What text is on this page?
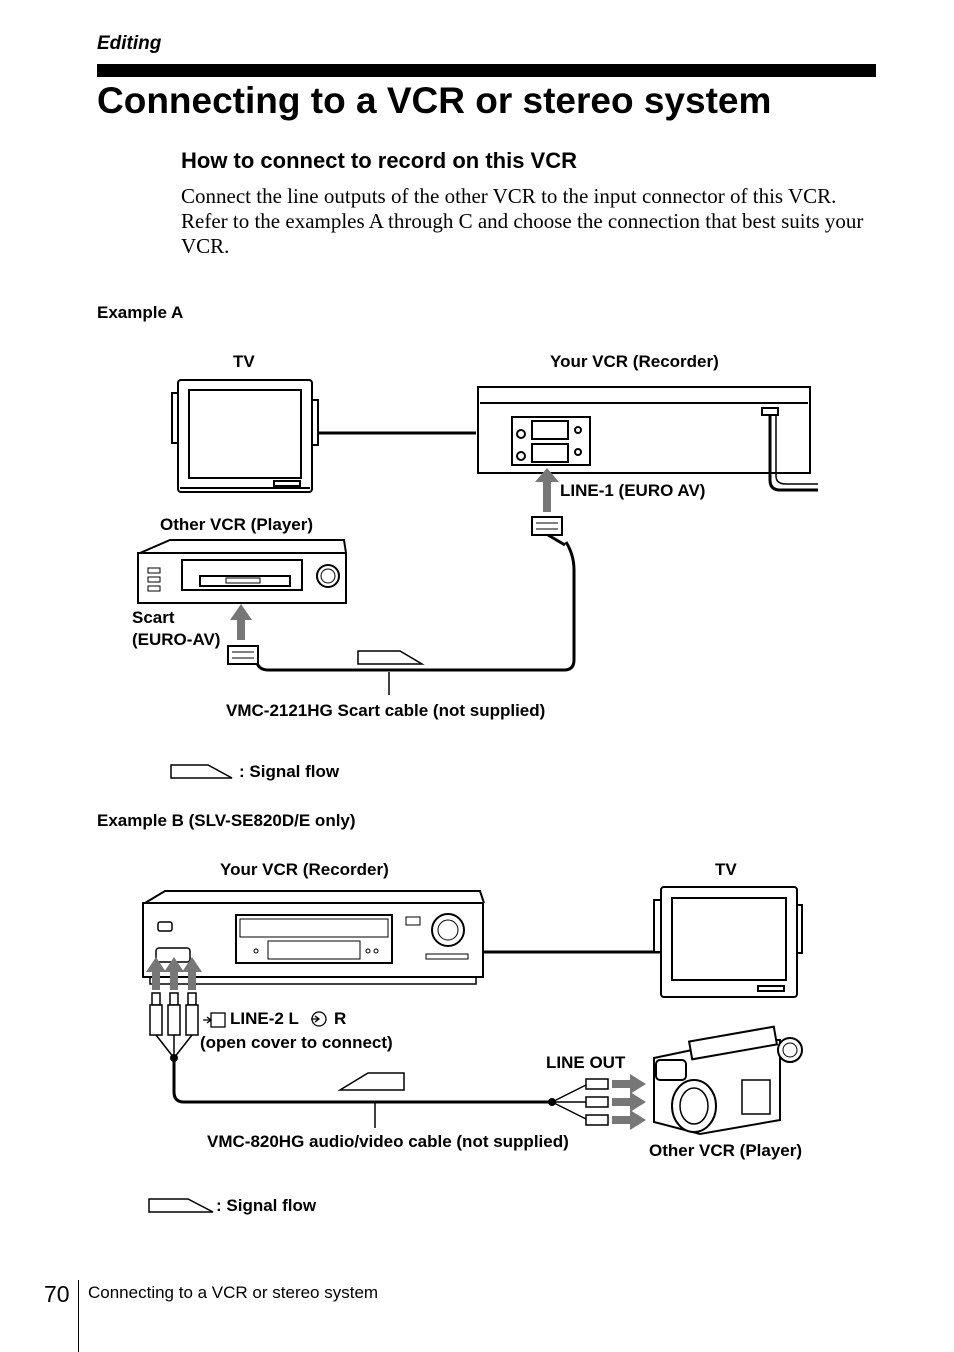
Editing
Connecting to a VCR or stereo system
How to connect to record on this VCR
Connect the line outputs of the other VCR to the input connector of this VCR. Refer to the examples A through C and choose the connection that best suits your VCR.
Example A
TV	Your VCR (Recorder)
LINE-1 (EURO AV)
Other VCR (Player)
Scart
(EURO-AV)
VMC-2121HG Scart cable (not supplied)
: Signal flow
Example B (SLV-SE820D/E only)
Your VCR (Recorder)	TV
LINE-2 L R
(open cover to connect)
LINE OUT
VMC-820HG audio/video cable (not supplied)	Other VCR (Player)
: Signal flow
70 Connecting to a VCR or stereo system
